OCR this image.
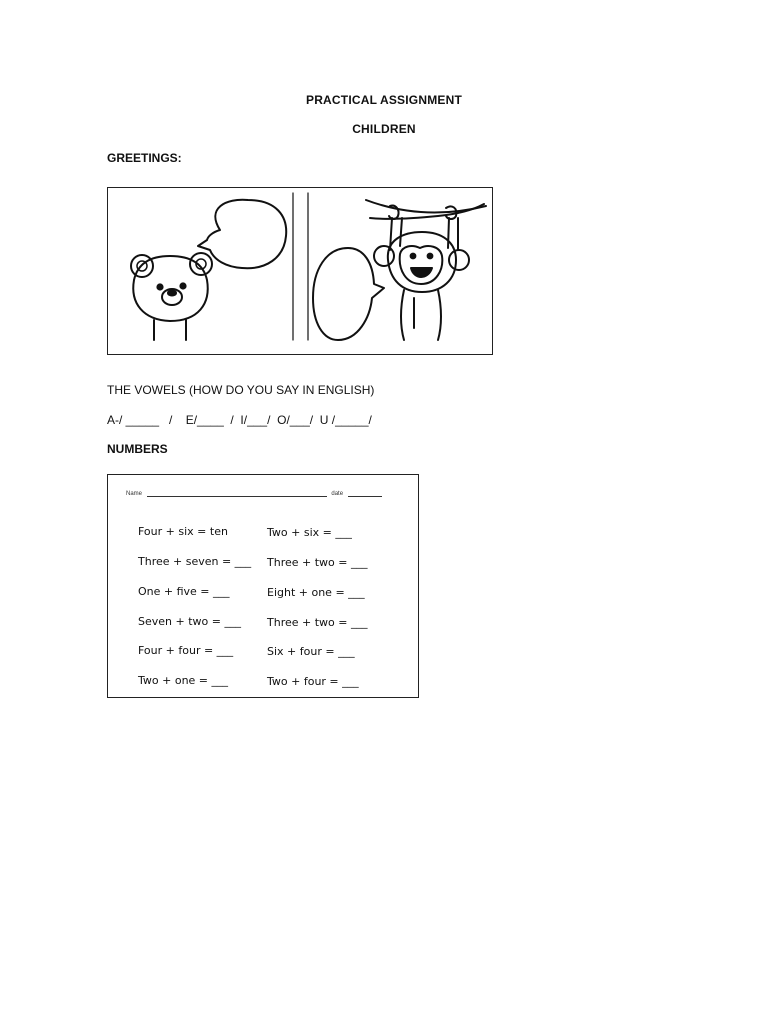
PRACTICAL ASSIGNMENT
CHILDREN
GREETINGS:
THE VOWELS (HOW DO YOU SAY IN ENGLISH)
A-/ _____   /    E/____  /  I/___/  O/___/  U /_____/
NUMBERS
Name	date
Four + six = ten
Three + seven = ___
One + five = ___
Seven + two = ___
Four + four = ___
Two + one = ___
Two + six = ___
Three + two = ___
Eight + one = ___
Three + two = ___
Six + four = ___
Two + four = ___
